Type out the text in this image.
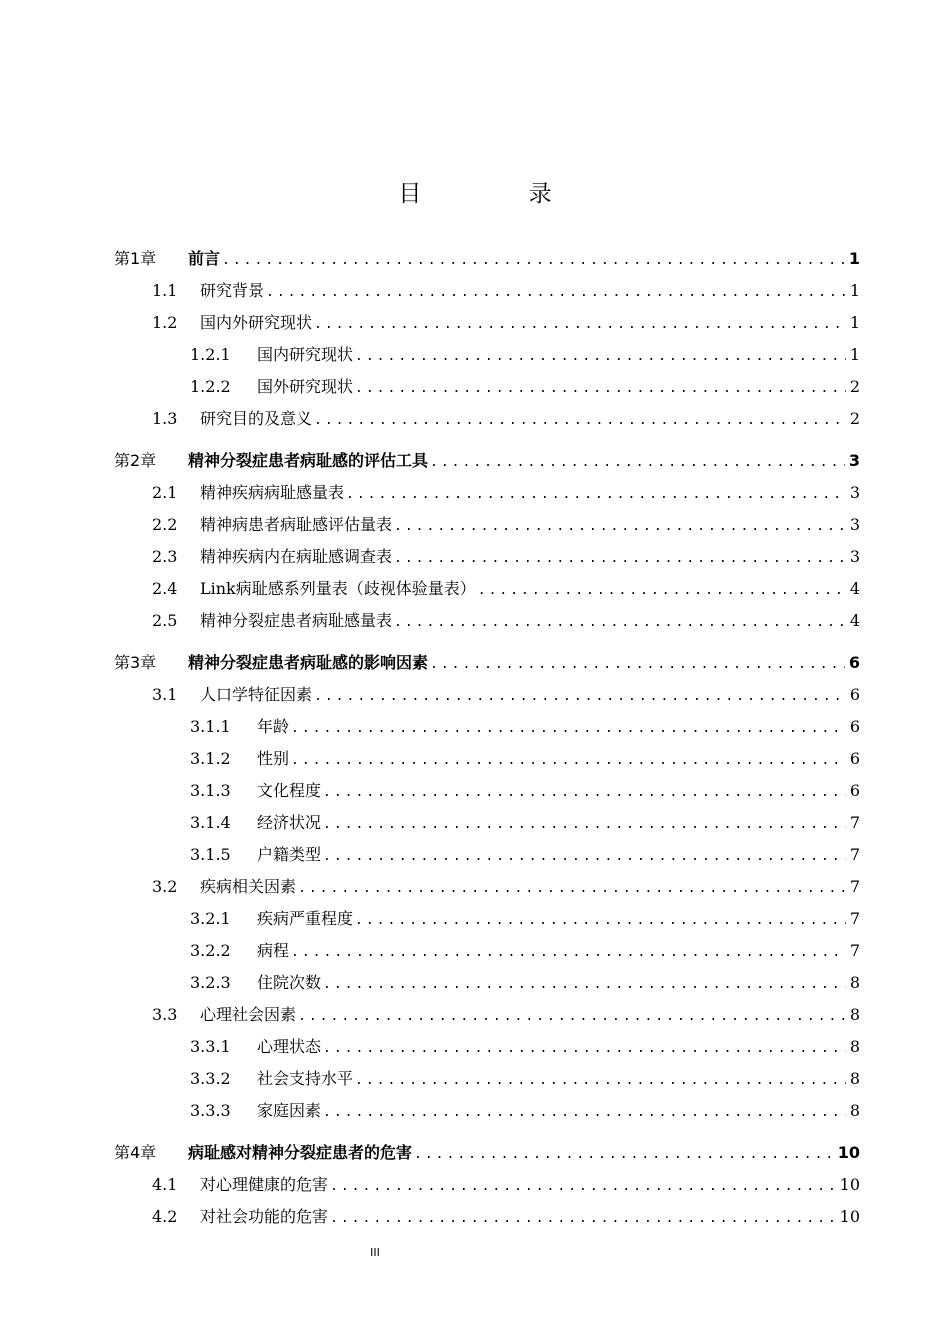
目 录
第1章	前言 .....	1
1.1	研究背景 .....	1
1.2	国内外研究现状 .....	1
1.2.1	国内研究现状 .....	1
1.2.2	国外研究现状 .....	2
1.3	研究目的及意义 .....	2
第2章	精神分裂症患者病耻感的评估工具 .....	3
2.1	精神疾病病耻感量表 .....	3
2.2	精神病患者病耻感评估量表 .....	3
2.3	精神疾病内在病耻感调查表 .....	3
2.4	Link病耻感系列量表（歧视体验量表） .....	4
2.5	精神分裂症患者病耻感量表 .....	4
第3章	精神分裂症患者病耻感的影响因素 .....	6
3.1	人口学特征因素 .....	6
3.1.1	年龄 .....	6
3.1.2	性别 .....	6
3.1.3	文化程度 .....	6
3.1.4	经济状况 .....	7
3.1.5	户籍类型 .....	7
3.2	疾病相关因素 .....	7
3.2.1	疾病严重程度 .....	7
3.2.2	病程 .....	7
3.2.3	住院次数 .....	8
3.3	心理社会因素 .....	8
3.3.1	心理状态 .....	8
3.3.2	社会支持水平 .....	8
3.3.3	家庭因素 .....	8
第4章	病耻感对精神分裂症患者的危害 .....	10
4.1	对心理健康的危害 .....	10
4.2	对社会功能的危害 .....	10
III
